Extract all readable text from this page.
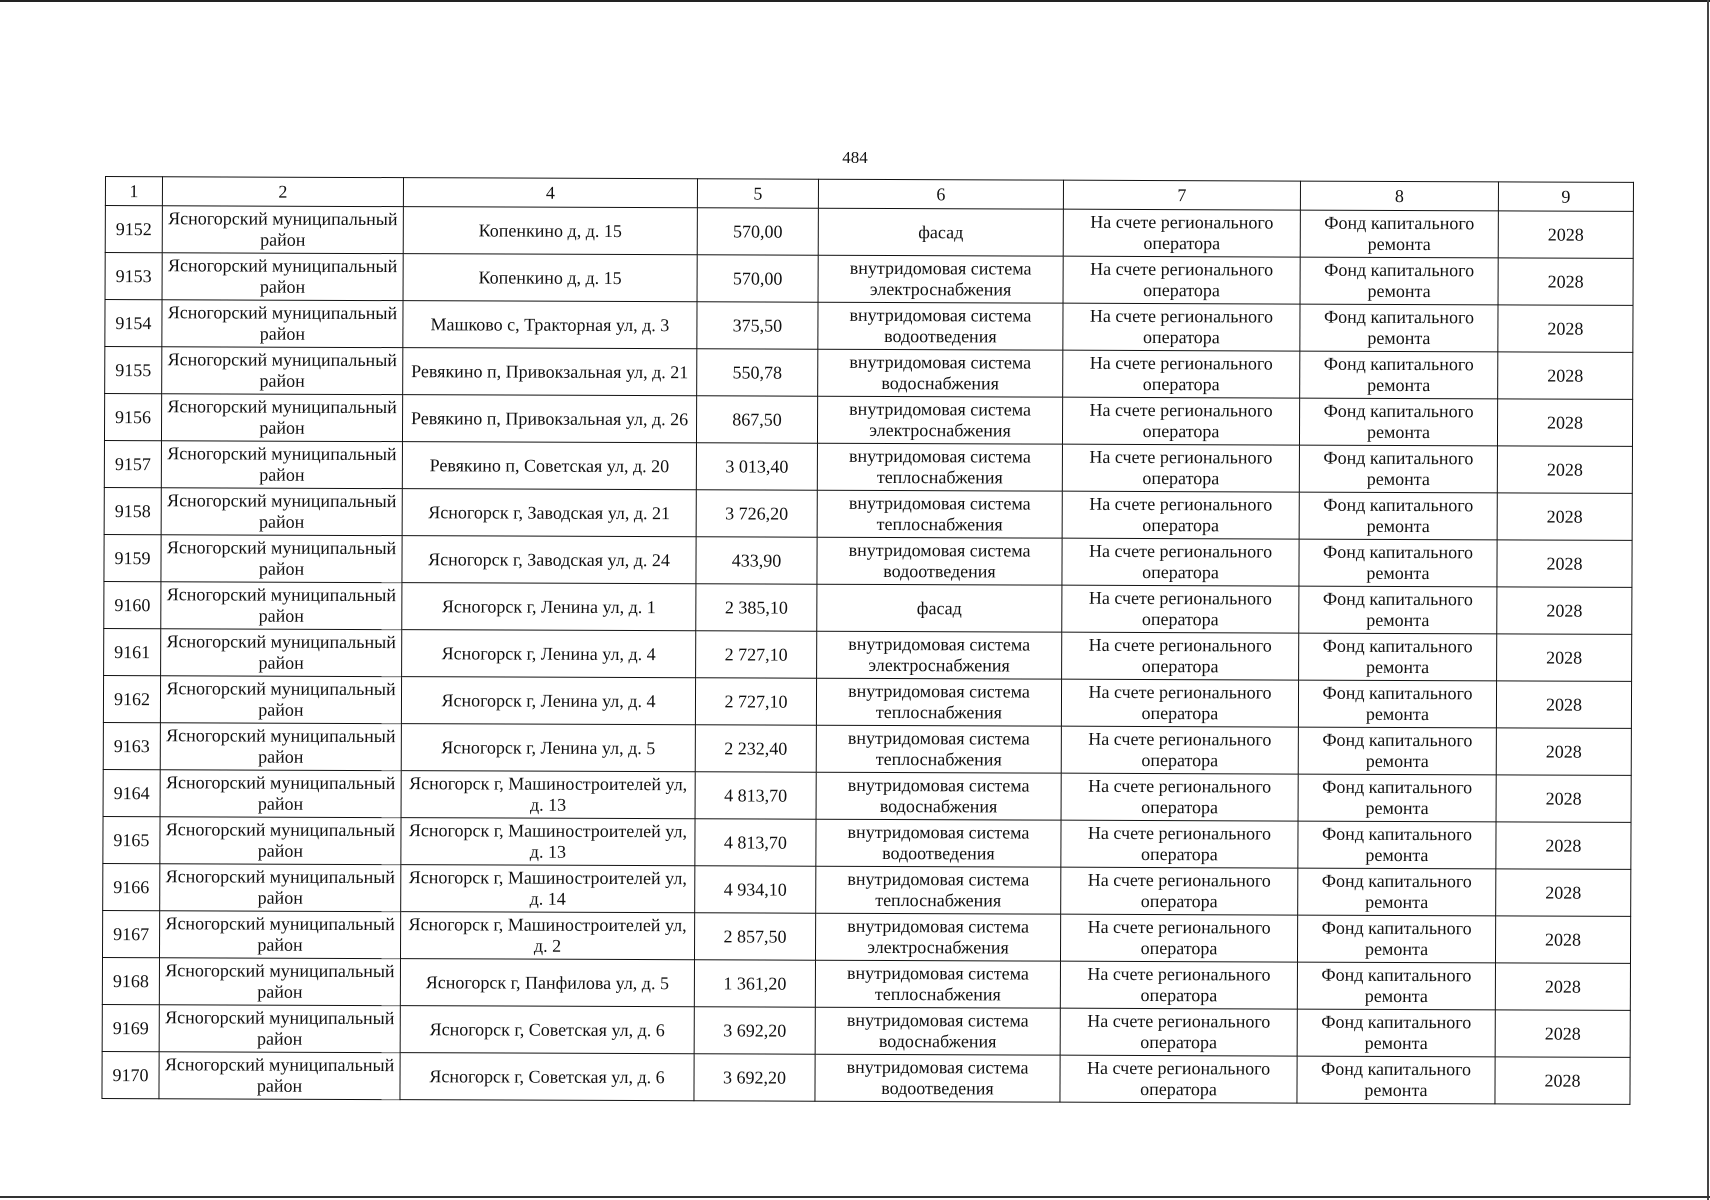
484
1	2	4	5	6	7	8	9
9152	Ясногорский муниципальный район	Копенкино д, д. 15	570,00	фасад	На счете регионального оператора	Фонд капитального ремонта	2028
9153	Ясногорский муниципальный район	Копенкино д, д. 15	570,00	внутридомовая система электроснабжения	На счете регионального оператора	Фонд капитального ремонта	2028
9154	Ясногорский муниципальный район	Машково с, Тракторная ул, д. 3	375,50	внутридомовая система водоотведения	На счете регионального оператора	Фонд капитального ремонта	2028
9155	Ясногорский муниципальный район	Ревякино п, Привокзальная ул, д. 21	550,78	внутридомовая система водоснабжения	На счете регионального оператора	Фонд капитального ремонта	2028
9156	Ясногорский муниципальный район	Ревякино п, Привокзальная ул, д. 26	867,50	внутридомовая система электроснабжения	На счете регионального оператора	Фонд капитального ремонта	2028
9157	Ясногорский муниципальный район	Ревякино п, Советская ул, д. 20	3 013,40	внутридомовая система теплоснабжения	На счете регионального оператора	Фонд капитального ремонта	2028
9158	Ясногорский муниципальный район	Ясногорск г, Заводская ул, д. 21	3 726,20	внутридомовая система теплоснабжения	На счете регионального оператора	Фонд капитального ремонта	2028
9159	Ясногорский муниципальный район	Ясногорск г, Заводская ул, д. 24	433,90	внутридомовая система водоотведения	На счете регионального оператора	Фонд капитального ремонта	2028
9160	Ясногорский муниципальный район	Ясногорск г, Ленина ул, д. 1	2 385,10	фасад	На счете регионального оператора	Фонд капитального ремонта	2028
9161	Ясногорский муниципальный район	Ясногорск г, Ленина ул, д. 4	2 727,10	внутридомовая система электроснабжения	На счете регионального оператора	Фонд капитального ремонта	2028
9162	Ясногорский муниципальный район	Ясногорск г, Ленина ул, д. 4	2 727,10	внутридомовая система теплоснабжения	На счете регионального оператора	Фонд капитального ремонта	2028
9163	Ясногорский муниципальный район	Ясногорск г, Ленина ул, д. 5	2 232,40	внутридомовая система теплоснабжения	На счете регионального оператора	Фонд капитального ремонта	2028
9164	Ясногорский муниципальный район	Ясногорск г, Машиностроителей ул, д. 13	4 813,70	внутридомовая система водоснабжения	На счете регионального оператора	Фонд капитального ремонта	2028
9165	Ясногорский муниципальный район	Ясногорск г, Машиностроителей ул, д. 13	4 813,70	внутридомовая система водоотведения	На счете регионального оператора	Фонд капитального ремонта	2028
9166	Ясногорский муниципальный район	Ясногорск г, Машиностроителей ул, д. 14	4 934,10	внутридомовая система теплоснабжения	На счете регионального оператора	Фонд капитального ремонта	2028
9167	Ясногорский муниципальный район	Ясногорск г, Машиностроителей ул, д. 2	2 857,50	внутридомовая система электроснабжения	На счете регионального оператора	Фонд капитального ремонта	2028
9168	Ясногорский муниципальный район	Ясногорск г, Панфилова ул, д. 5	1 361,20	внутридомовая система теплоснабжения	На счете регионального оператора	Фонд капитального ремонта	2028
9169	Ясногорский муниципальный район	Ясногорск г, Советская ул, д. 6	3 692,20	внутридомовая система водоснабжения	На счете регионального оператора	Фонд капитального ремонта	2028
9170	Ясногорский муниципальный район	Ясногорск г, Советская ул, д. 6	3 692,20	внутридомовая система водоотведения	На счете регионального оператора	Фонд капитального ремонта	2028
